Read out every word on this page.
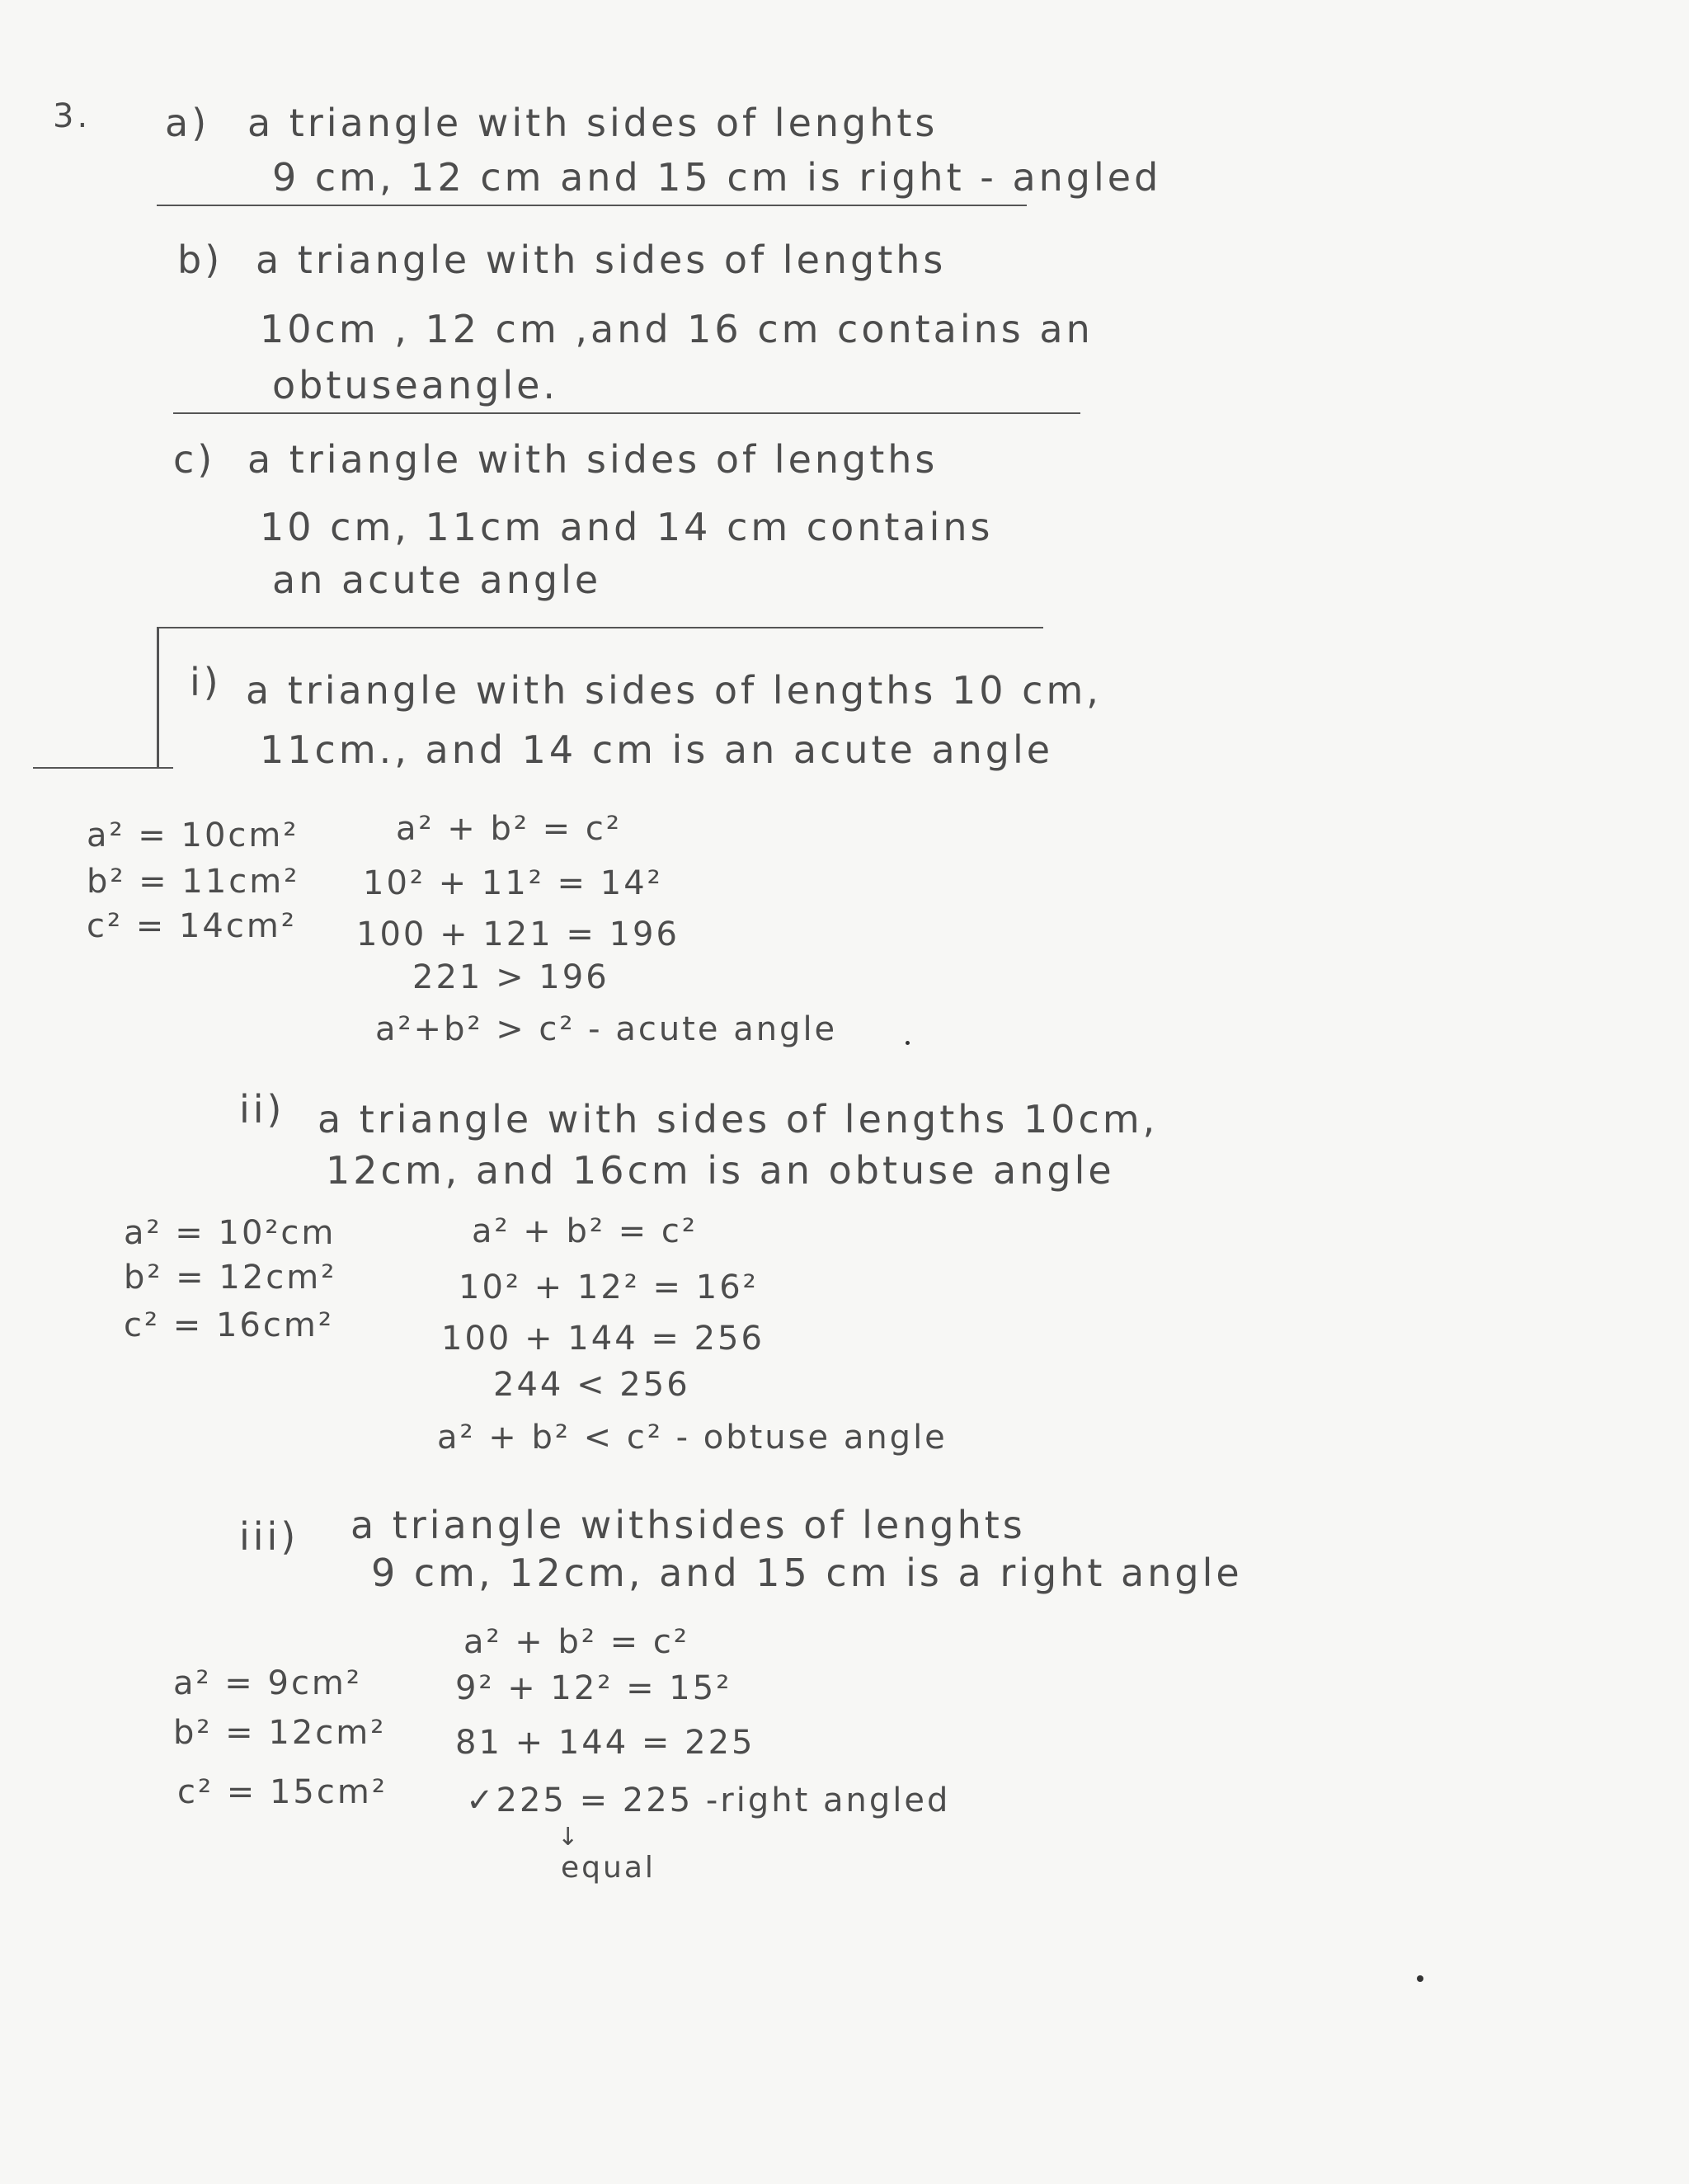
3. a) a triangle with sides of lenghts
9 cm, 12 cm and 15 cm is right - angled
b) a triangle with sides of lengths
10cm , 12 cm ,and 16 cm contains an
obtuseangle.
c) a triangle with sides of lengths
10 cm, 11cm and 14 cm contains
an acute angle
i) a triangle with sides of lengths 10 cm,
11cm., and 14 cm is an acute angle
a² = 10cm²
b² = 11cm²
c² = 14cm²
a² + b² = c²
10² + 11² = 14²
100 + 121 = 196
221 > 196
a²+b² > c² - acute angle
ii) a triangle with sides of lengths 10cm,
12cm, and 16cm is an obtuse angle
a² = 10²cm
b² = 12cm²
c² = 16cm²
a² + b² = c²
10² + 12² = 16²
100 + 144 = 256
244 < 256
a² + b² < c² - obtuse angle
iii) a triangle withsides of lenghts
9 cm, 12cm, and 15 cm is a right angle
a² = 9cm²
b² = 12cm²
c² = 15cm²
a² + b² = c²
9² + 12² = 15²
81 + 144 = 225
✓225 = 225 -right angled
↓
equal
